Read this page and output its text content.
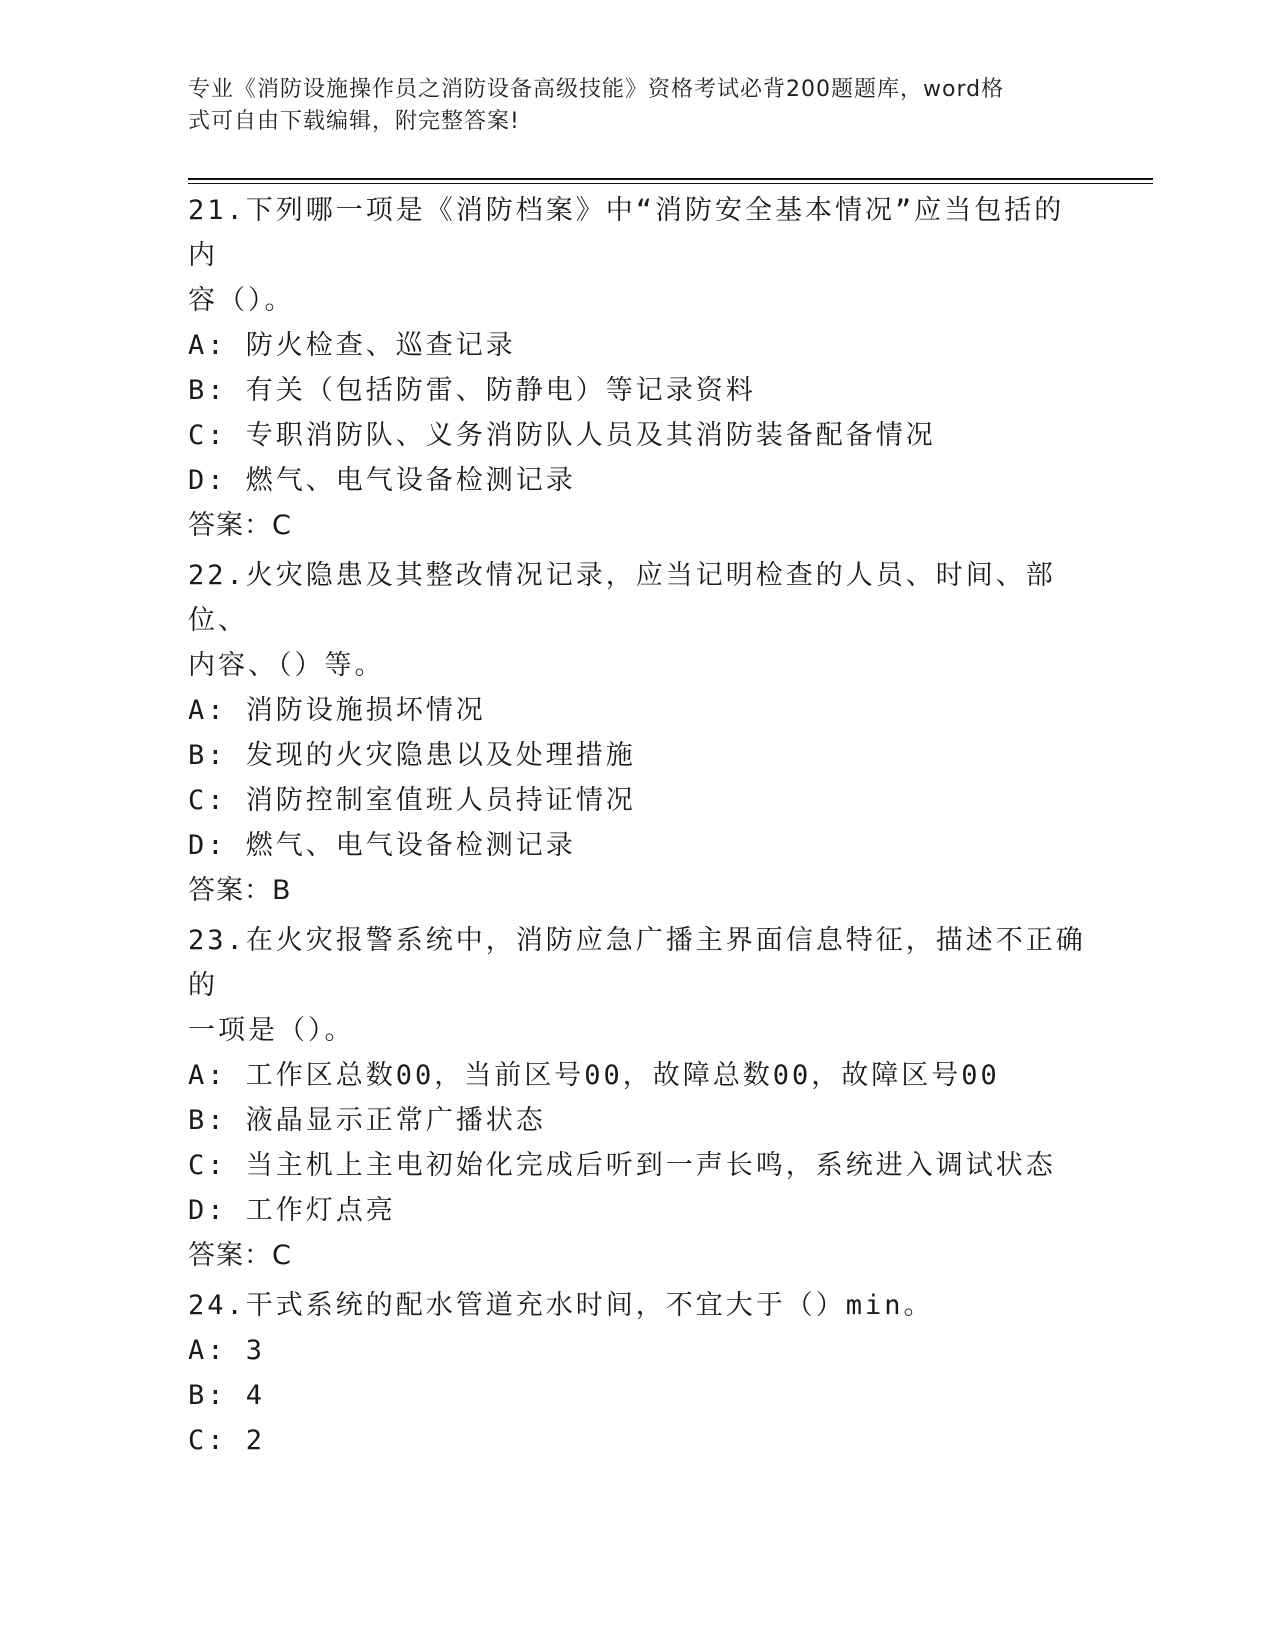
专业《消防设施操作员之消防设备高级技能》资格考试必背200题题库，word格
式可自由下载编辑，附完整答案!

21.下列哪一项是《消防档案》中“消防安全基本情况”应当包括的内

容（）。

A: 防火检查、巡查记录

B: 有关（包括防雷、防静电）等记录资料

C: 专职消防队、义务消防队人员及其消防装备配备情况

D: 燃气、电气设备检测记录

答案：C

22.火灾隐患及其整改情况记录，应当记明检查的人员、时间、部位、

内容、（）等。

A: 消防设施损坏情况

B: 发现的火灾隐患以及处理措施

C: 消防控制室值班人员持证情况

D: 燃气、电气设备检测记录

答案：B

23.在火灾报警系统中，消防应急广播主界面信息特征，描述不正确的

一项是（）。

A: 工作区总数00，当前区号00，故障总数00，故障区号00

B: 液晶显示正常广播状态

C: 当主机上主电初始化完成后听到一声长鸣，系统进入调试状态

D: 工作灯点亮

答案：C

24.干式系统的配水管道充水时间，不宜大于（）min。

A: 3

B: 4

C: 2
